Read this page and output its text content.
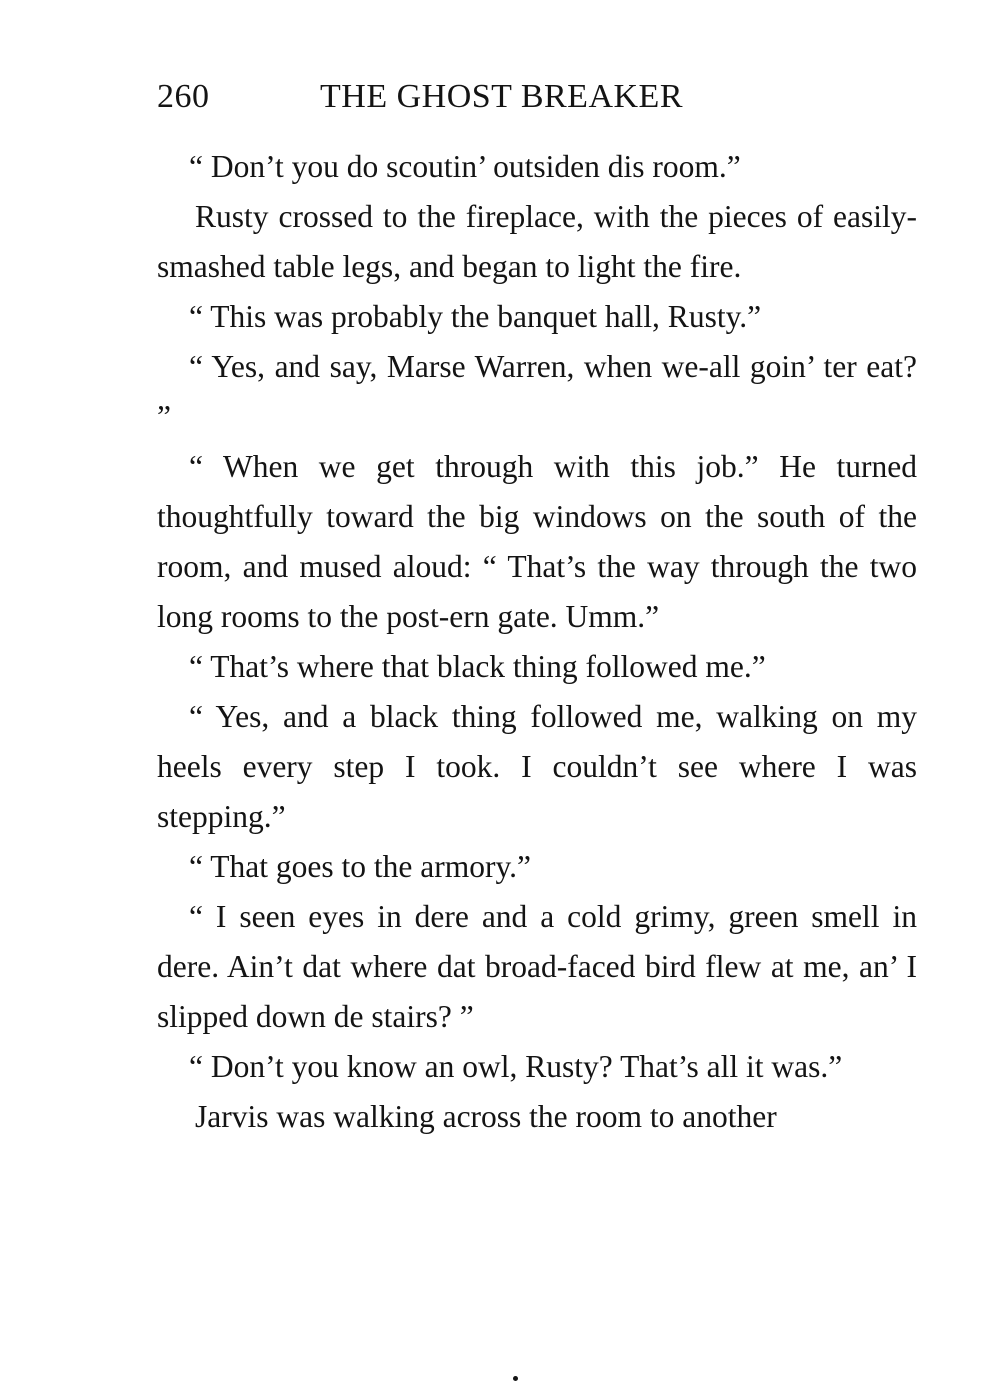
260	THE GHOST BREAKER

“ Don’t you do scoutin’ outsiden dis room.”

Rusty crossed to the fireplace, with the pieces of easily-smashed table legs, and began to light the fire.

“ This was probably the banquet hall, Rusty.”

“ Yes, and say, Marse Warren, when we-all goin’ ter eat? ”

“ When we get through with this job.” He turned thoughtfully toward the big windows on the south of the room, and mused aloud: “ That’s the way through the two long rooms to the post-ern gate. Umm.”

“ That’s where that black thing followed me.”

“ Yes, and a black thing followed me, walking on my heels every step I took. I couldn’t see where I was stepping.”

“ That goes to the armory.”

“ I seen eyes in dere and a cold grimy, green smell in dere. Ain’t dat where dat broad-faced bird flew at me, an’ I slipped down de stairs? ”

“ Don’t you know an owl, Rusty? That’s all it was.”

Jarvis was walking across the room to another
